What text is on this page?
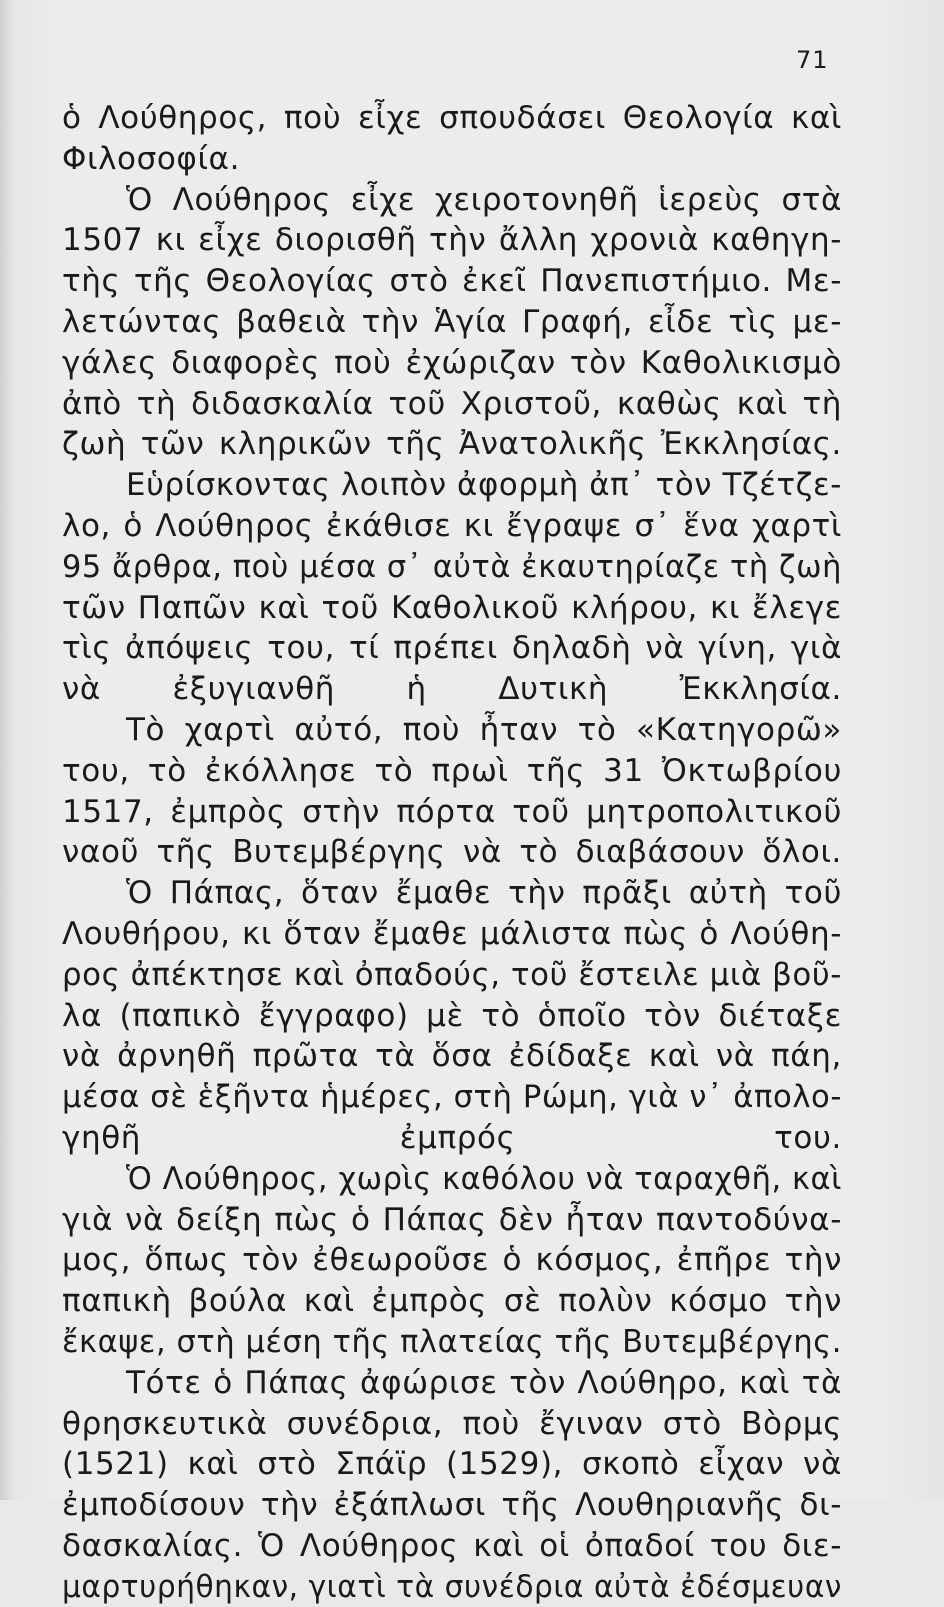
71
ὁ Λούθηρος, ποὺ εἶχε σπουδάσει Θεολογία καὶ
Φιλοσοφία.
Ὁ Λούθηρος εἶχε χειροτονηθῆ ἱερεὺς στὰ
1507 κι εἶχε διορισθῆ τὴν ἄλλη χρονιὰ καθηγη-
τὴς τῆς Θεολογίας στὸ ἐκεῖ Πανεπιστήμιο. Με-
λετώντας βαθειὰ τὴν Ἁγία Γραφή, εἶδε τὶς με-
γάλες διαφορὲς ποὺ ἐχώριζαν τὸν Καθολικισμὸ
ἀπὸ τὴ διδασκαλία τοῦ Χριστοῦ, καθὼς καὶ τὴ
ζωὴ τῶν κληρικῶν τῆς Ἀνατολικῆς Ἐκκλησίας.
Εὑρίσκοντας λοιπὸν ἀφορμὴ ἀπ᾿ τὸν Τζέτζε-
λο, ὁ Λούθηρος ἐκάθισε κι ἔγραψε σ᾿ ἕνα χαρτὶ
95 ἄρθρα, ποὺ μέσα σ᾿ αὐτὰ ἐκαυτηρίαζε τὴ ζωὴ
τῶν Παπῶν καὶ τοῦ Καθολικοῦ κλήρου, κι ἔλεγε
τὶς ἀπόψεις του, τί πρέπει δηλαδὴ νὰ γίνη, γιὰ
νὰ ἐξυγιανθῆ ἡ Δυτικὴ Ἐκκλησία.
Τὸ χαρτὶ αὐτό, ποὺ ἦταν τὸ «Κατηγορῶ»
του, τὸ ἐκόλλησε τὸ πρωὶ τῆς 31 Ὀκτωβρίου
1517, ἐμπρὸς στὴν πόρτα τοῦ μητροπολιτικοῦ
ναοῦ τῆς Βυτεμβέργης νὰ τὸ διαβάσουν ὅλοι.
Ὁ Πάπας, ὅταν ἔμαθε τὴν πρᾶξι αὐτὴ τοῦ
Λουθήρου, κι ὅταν ἔμαθε μάλιστα πὼς ὁ Λούθη-
ρος ἀπέκτησε καὶ ὀπαδούς, τοῦ ἔστειλε μιὰ βοῦ-
λα (παπικὸ ἔγγραφο) μὲ τὸ ὁποῖο τὸν διέταξε
νὰ ἀρνηθῆ πρῶτα τὰ ὅσα ἐδίδαξε καὶ νὰ πάη,
μέσα σὲ ἑξῆντα ἡμέρες, στὴ Ρώμη, γιὰ ν᾿ ἀπολο-
γηθῆ ἐμπρός του.
Ὁ Λούθηρος, χωρὶς καθόλου νὰ ταραχθῆ, καὶ
γιὰ νὰ δείξη πὼς ὁ Πάπας δὲν ἦταν παντοδύνα-
μος, ὅπως τὸν ἐθεωροῦσε ὁ κόσμος, ἐπῆρε τὴν
παπικὴ βούλα καὶ ἐμπρὸς σὲ πολὺν κόσμο τὴν
ἔκαψε, στὴ μέση τῆς πλατείας τῆς Βυτεμβέργης.
Τότε ὁ Πάπας ἀφώρισε τὸν Λούθηρο, καὶ τὰ
θρησκευτικὰ συνέδρια, ποὺ ἔγιναν στὸ Βὸρμς
(1521) καὶ στὸ Σπάϊρ (1529), σκοπὸ εἶχαν νὰ
ἐμποδίσουν τὴν ἐξάπλωσι τῆς Λουθηριανῆς δι-
δασκαλίας. Ὁ Λούθηρος καὶ οἱ ὀπαδοί του διε-
μαρτυρήθηκαν, γιατὶ τὰ συνέδρια αὐτὰ ἐδέσμευαν
